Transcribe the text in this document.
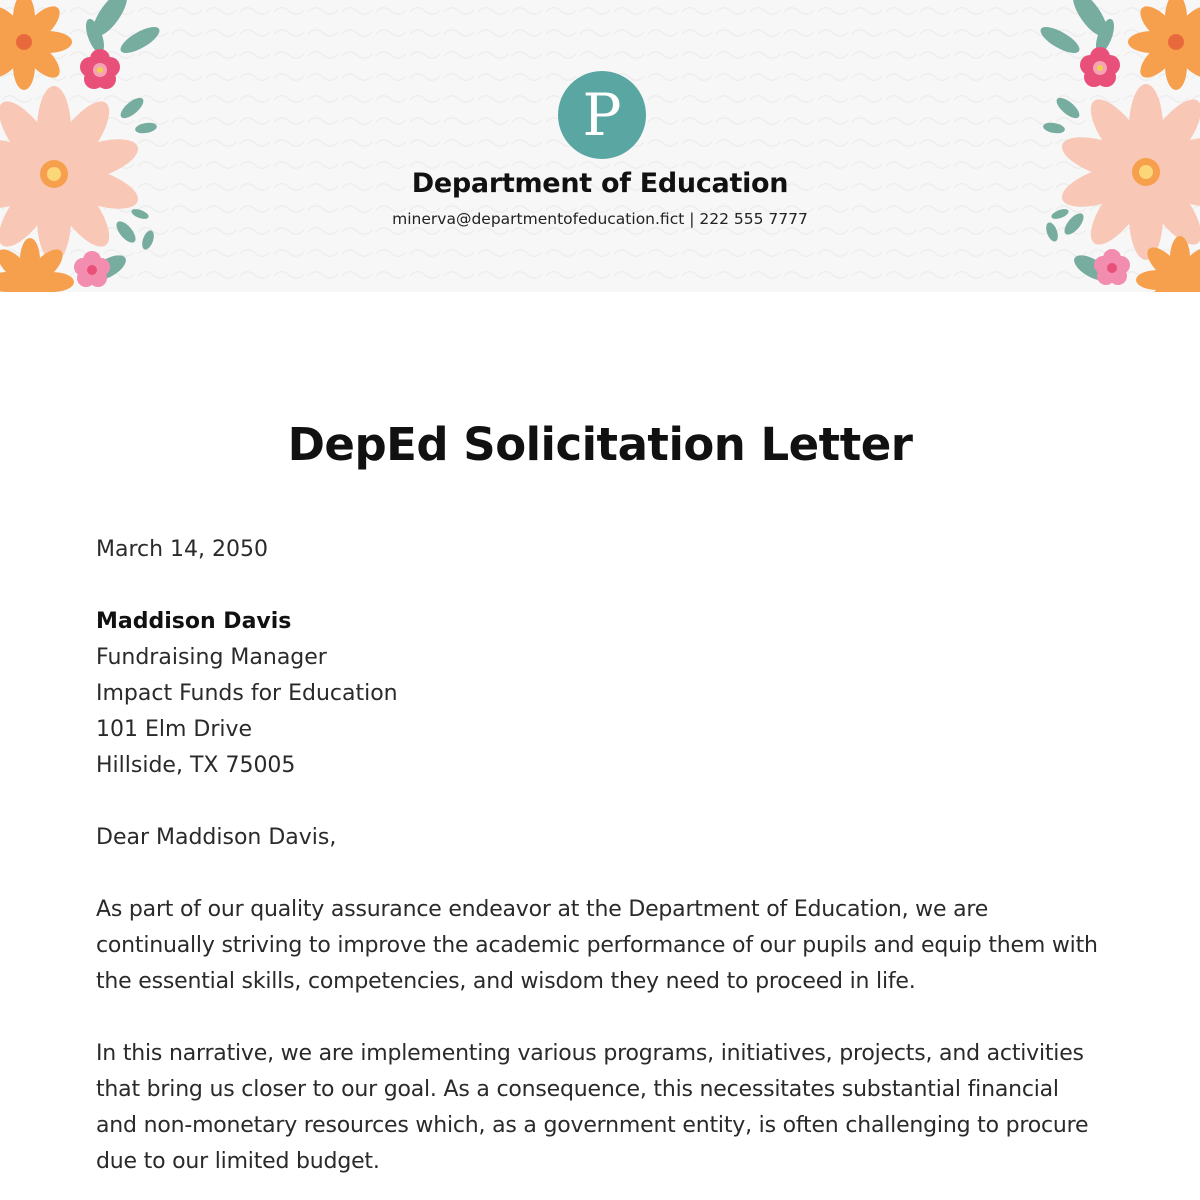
P
Department of Education
minerva@departmentofeducation.fict | 222 555 7777
DepEd Solicitation Letter

March 14, 2050

Maddison Davis
Fundraising Manager
Impact Funds for Education
101 Elm Drive
Hillside, TX 75005

Dear Maddison Davis,

As part of our quality assurance endeavor at the Department of Education, we are continually striving to improve the academic performance of our pupils and equip them with the essential skills, competencies, and wisdom they need to proceed in life.

In this narrative, we are implementing various programs, initiatives, projects, and activities that bring us closer to our goal. As a consequence, this necessitates substantial financial and non-monetary resources which, as a government entity, is often challenging to procure due to our limited budget.
